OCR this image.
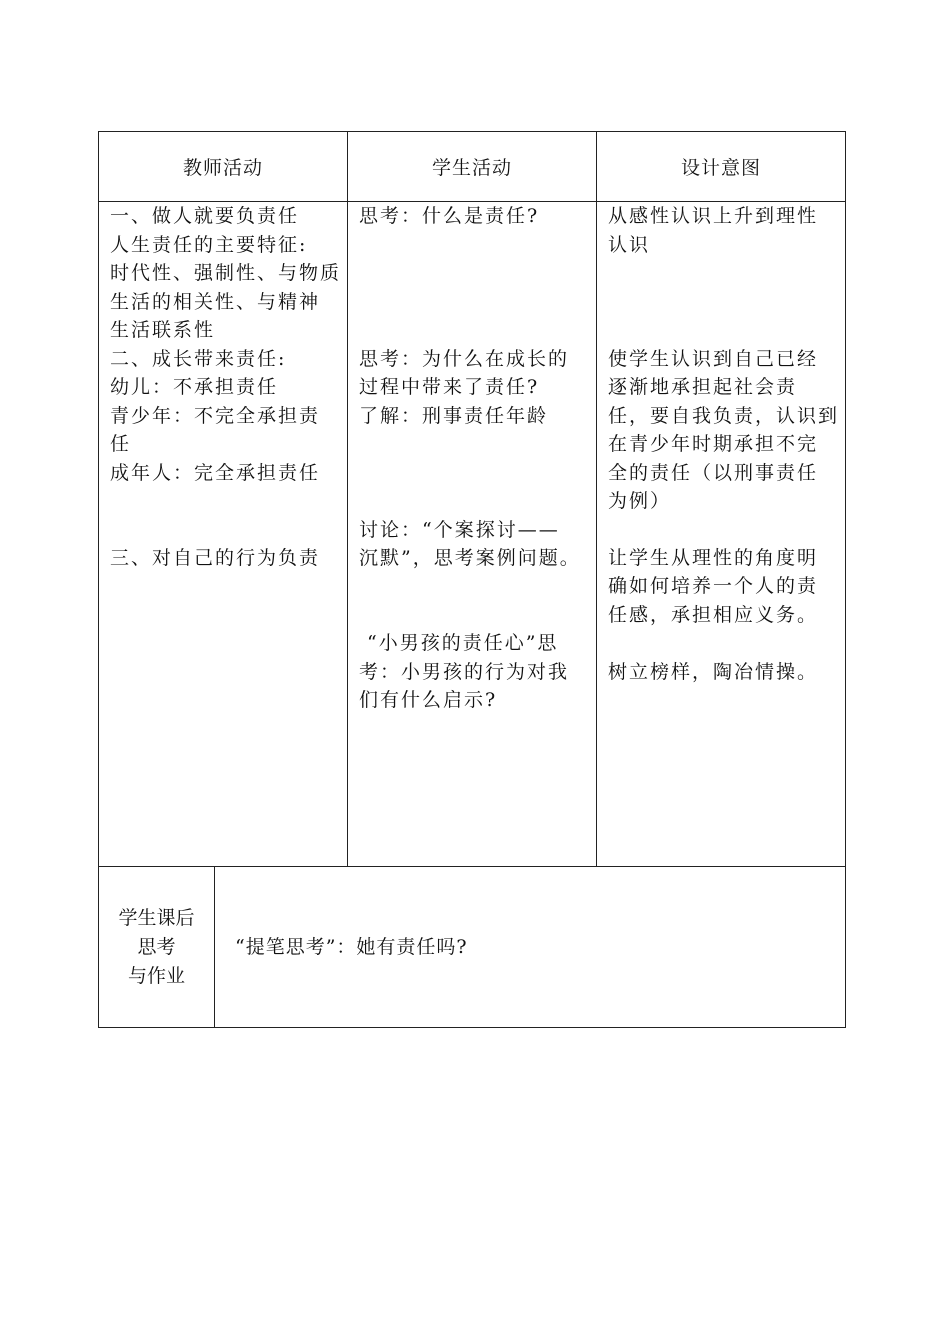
教师活动	学生活动	设计意图

一、做人就要负责任

人生责任的主要特征:

时代性、强制性、与物质

生活的相关性、与精神

生活联系性

二、成长带来责任:

幼儿：不承担责任

青少年：不完全承担责

任

成年人：完全承担责任

三、对自己的行为负责

思考：什么是责任?

思考：为什么在成长的

过程中带来了责任?

了解：刑事责任年龄

讨论：“个案探讨——

沉默”，思考案例问题。

“小男孩的责任心”思

考：小男孩的行为对我

们有什么启示?

从感性认识上升到理性

认识

使学生认识到自己已经

逐渐地承担起社会责

任，要自我负责，认识到

在青少年时期承担不完

全的责任（以刑事责任

为例）

让学生从理性的角度明

确如何培养一个人的责

任感，承担相应义务。

树立榜样，陶冶情操。

学生课后
思考
与作业
“提笔思考”：她有责任吗?
